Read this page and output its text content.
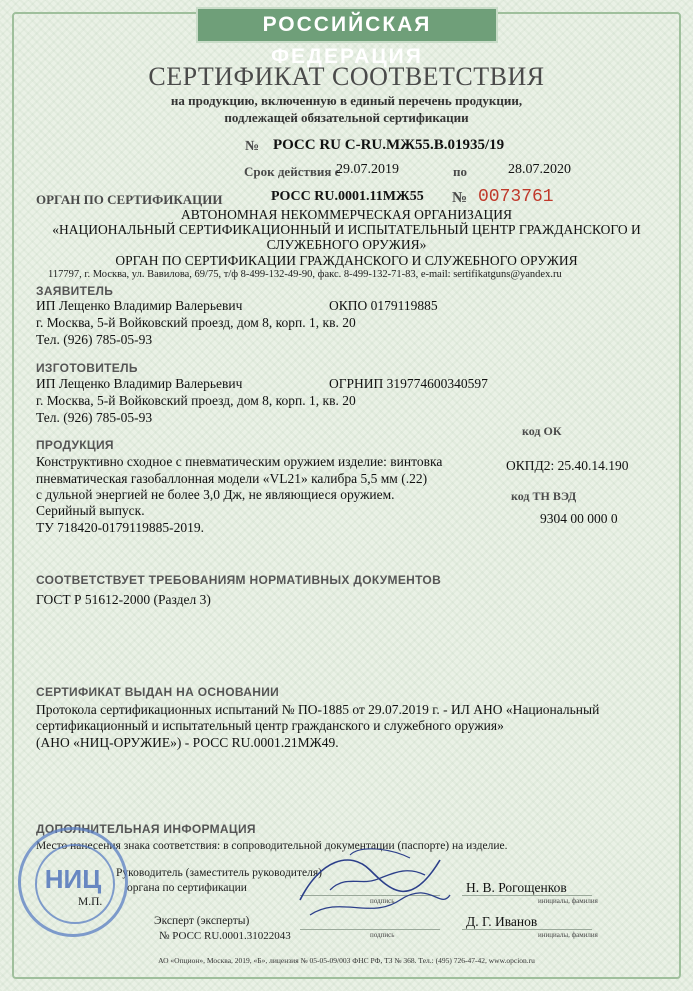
РОССИЙСКАЯ ФЕДЕРАЦИЯ
СЕРТИФИКАТ СООТВЕТСТВИЯ
на продукцию, включенную в единый перечень продукции,
подлежащей обязательной сертификации
№ РОСС RU С-RU.МЖ55.В.01935/19
Срок действия с
29.07.2019	по	28.07.2020
ОРГАН ПО СЕРТИФИКАЦИИ	РОСС RU.0001.11МЖ55 № 0073761
АВТОНОМНАЯ НЕКОММЕРЧЕСКАЯ ОРГАНИЗАЦИЯ
«НАЦИОНАЛЬНЫЙ СЕРТИФИКАЦИОННЫЙ И ИСПЫТАТЕЛЬНЫЙ ЦЕНТР ГРАЖДАНСКОГО И
СЛУЖЕБНОГО ОРУЖИЯ»
ОРГАН ПО СЕРТИФИКАЦИИ ГРАЖДАНСКОГО И СЛУЖЕБНОГО ОРУЖИЯ
117797, г. Москва, ул. Вавилова, 69/75, т/ф 8-499-132-49-90, факс. 8-499-132-71-83, e-mail: sertifikatguns@yandex.ru
ЗАЯВИТЕЛЬ
ИП Лещенко Владимир Валерьевич	ОКПО 0179119885
г. Москва, 5-й Войковский проезд, дом 8, корп. 1, кв. 20
Тел. (926) 785-05-93
ИЗГОТОВИТЕЛЬ
ИП Лещенко Владимир Валерьевич	ОГРНИП 319774600340597
г. Москва, 5-й Войковский проезд, дом 8, корп. 1, кв. 20
Тел. (926) 785-05-93
код ОК
ПРОДУКЦИЯ
Конструктивно сходное с пневматическим оружием изделие: винтовка
пневматическая газобаллонная модели «VL21» калибра 5,5 мм (.22)
с дульной энергией не более 3,0 Дж, не являющиеся оружием.
Серийный выпуск.
ТУ 718420-0179119885-2019.
ОКПД2: 25.40.14.190
код ТН ВЭД
9304 00 000 0
СООТВЕТСТВУЕТ ТРЕБОВАНИЯМ НОРМАТИВНЫХ ДОКУМЕНТОВ
ГОСТ Р 51612-2000 (Раздел 3)
СЕРТИФИКАТ ВЫДАН НА ОСНОВАНИИ
Протокола сертификационных испытаний № ПО-1885 от 29.07.2019 г. - ИЛ АНО «Национальный
сертификационный и испытательный центр гражданского и служебного оружия»
(АНО «НИЦ-ОРУЖИЕ») - РОСС RU.0001.21МЖ49.
ДОПОЛНИТЕЛЬНАЯ ИНФОРМАЦИЯ
Место нанесения знака соответствия: в сопроводительной документации (паспорте) на изделие.
Руководитель (заместитель руководителя)
органа по сертификации	Н. В. Рогощенков
подпись	инициалы, фамилия
М.П.
Эксперт (эксперты)
№ РОСС RU.0001.31022043
Д. Г. Иванов
подпись	инициалы, фамилия
НИЦ
АО «Опцион», Москва, 2019, «Б», лицензия № 05-05-09/003 ФНС РФ, ТЗ № 368. Тел.: (495) 726-47-42, www.opcion.ru
